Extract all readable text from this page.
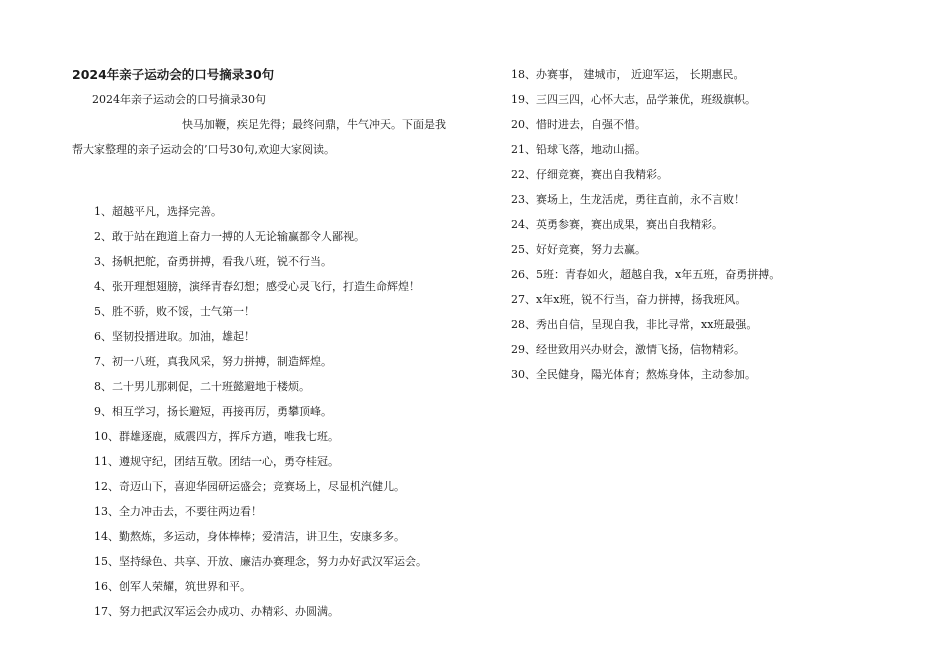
2024年亲子运动会的口号摘录30句

2024年亲子运动会的口号摘录30句

快马加鞭，疾足先得；最终问鼎，牛气冲天。下面是我
帮大家整理的亲子运动会的’口号30句,欢迎大家阅读。

1、超越平凡，选择完善。
2、敢于站在跑道上奋力一搏的人无论输赢都令人鄙视。
3、扬帆把舵，奋勇拼搏，看我八班，锐不行当。
4、张开理想翅膀，演绎青春幻想；感受心灵飞行，打造生命辉煌！
5、胜不骄，败不馁，士气第一！
6、坚韧投搢进取。加油，雄起！
7、初一八班，真我风采，努力拼搏，制造辉煌。
8、二十男儿那刺促，二十班懿避地于楼烦。
9、相互学习，扬长避短，再接再厉，勇攀顶峰。
10、群雄逐鹿，威震四方，挥斥方遒，唯我七班。
11、遵规守纪，团结互敬。团结一心，勇夺桂冠。
12、奇迈山下，喜迎华园研运盛会；竞赛场上，尽显机汽健儿。
13、全力冲击去，不要往两边看！
14、勤熬炼，多运动，身体棒棒；爱清洁，讲卫生，安康多多。
15、坚持绿色、共享、开放、廉洁办赛理念，努力办好武汉军运会。
16、创军人荣耀，筑世界和平。
17、努力把武汉军运会办成功、办精彩、办圆满。
18、办赛事， 建城市， 近迎军运， 长期惠民。
19、三四三四，心怀大志，品学兼优，班级旗帜。
20、惜时进去，自强不惜。
21、铅球飞落，地动山摇。
22、仔细竞赛，赛出自我精彩。
23、赛场上，生龙活虎，勇往直前，永不言败！
24、英勇参赛，赛出成果，赛出自我精彩。
25、好好竞赛，努力去赢。
26、5班：青春如火，超越自我，x年五班，奋勇拼搏。
27、x年x班，锐不行当，奋力拼搏，扬我班风。
28、秀出自信，呈现自我，非比寻常，xx班最强。
29、经世致用兴办财会，激情飞扬，信物精彩。
30、全民健身，陽光体育；熬炼身体，主动参加。
